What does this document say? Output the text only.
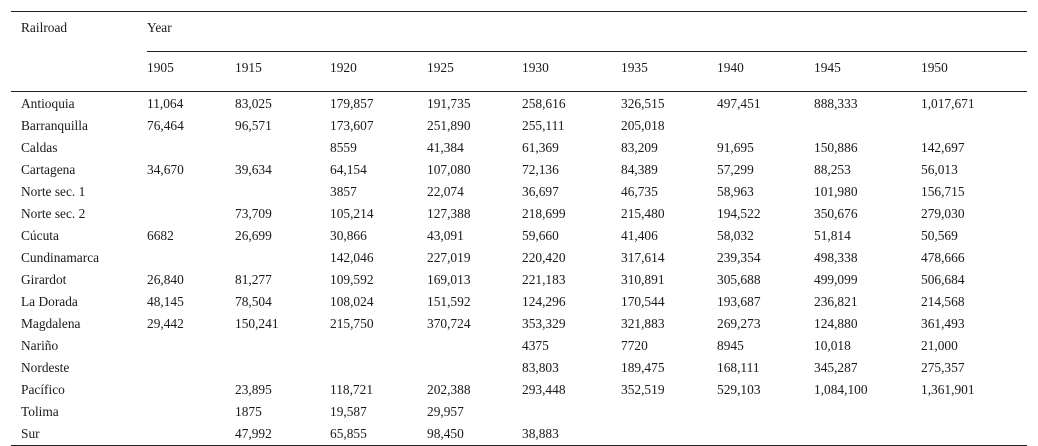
Railroad	Year								
	1905	1915	1920	1925	1930	1935	1940	1945	1950
Antioquia	11,064	83,025	179,857	191,735	258,616	326,515	497,451	888,333	1,017,671
Barranquilla	76,464	96,571	173,607	251,890	255,111	205,018			
Caldas			8559	41,384	61,369	83,209	91,695	150,886	142,697
Cartagena	34,670	39,634	64,154	107,080	72,136	84,389	57,299	88,253	56,013
Norte sec. 1			3857	22,074	36,697	46,735	58,963	101,980	156,715
Norte sec. 2		73,709	105,214	127,388	218,699	215,480	194,522	350,676	279,030
Cúcuta	6682	26,699	30,866	43,091	59,660	41,406	58,032	51,814	50,569
Cundinamarca			142,046	227,019	220,420	317,614	239,354	498,338	478,666
Girardot	26,840	81,277	109,592	169,013	221,183	310,891	305,688	499,099	506,684
La Dorada	48,145	78,504	108,024	151,592	124,296	170,544	193,687	236,821	214,568
Magdalena	29,442	150,241	215,750	370,724	353,329	321,883	269,273	124,880	361,493
Nariño					4375	7720	8945	10,018	21,000
Nordeste					83,803	189,475	168,111	345,287	275,357
Pacífico		23,895	118,721	202,388	293,448	352,519	529,103	1,084,100	1,361,901
Tolima		1875	19,587	29,957					
Sur		47,992	65,855	98,450	38,883				
